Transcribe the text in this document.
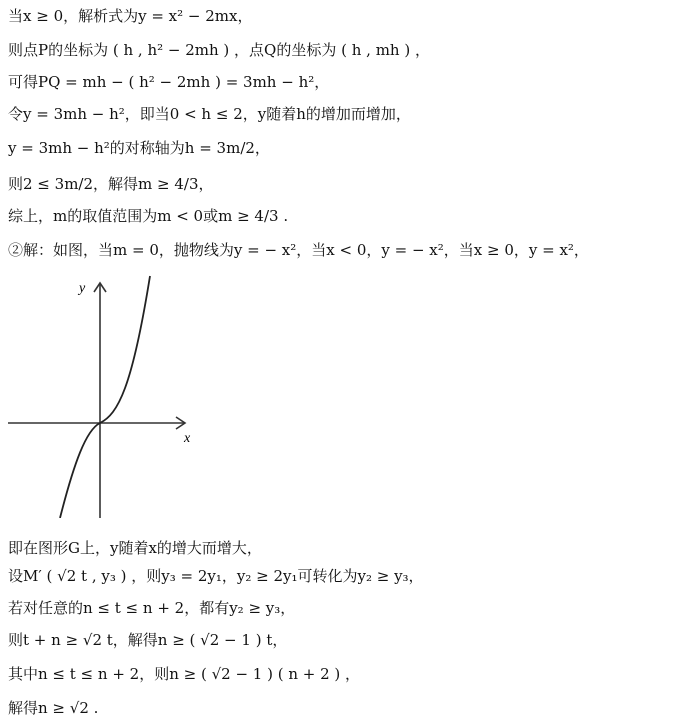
当x ≥ 0，解析式为y = x² − 2mx，
则点P的坐标为 ( h , h² − 2mh ) ，点Q的坐标为 ( h , mh ) ，
可得PQ = mh − ( h² − 2mh ) = 3mh − h²，
令y = 3mh − h²，即当0 < h ≤ 2，y随着h的增加而增加，
y = 3mh − h²的对称轴为h = 3m/2，
则2 ≤ 3m/2，解得m ≥ 4/3，
综上，m的取值范围为m < 0或m ≥ 4/3 .
②解：如图，当m = 0，抛物线为y = − x²，当x < 0，y = − x²，当x ≥ 0，y = x²，
x
y
即在图形G上，y随着x的增大而增大，
设M′ ( √2 t , y₃ ) ，则y₃ = 2y₁，y₂ ≥ 2y₁可转化为y₂ ≥ y₃，
若对任意的n ≤ t ≤ n + 2，都有y₂ ≥ y₃，
则t + n ≥ √2 t，解得n ≥ ( √2 − 1 ) t，
其中n ≤ t ≤ n + 2，则n ≥ ( √2 − 1 ) ( n + 2 ) ，
解得n ≥ √2 .
